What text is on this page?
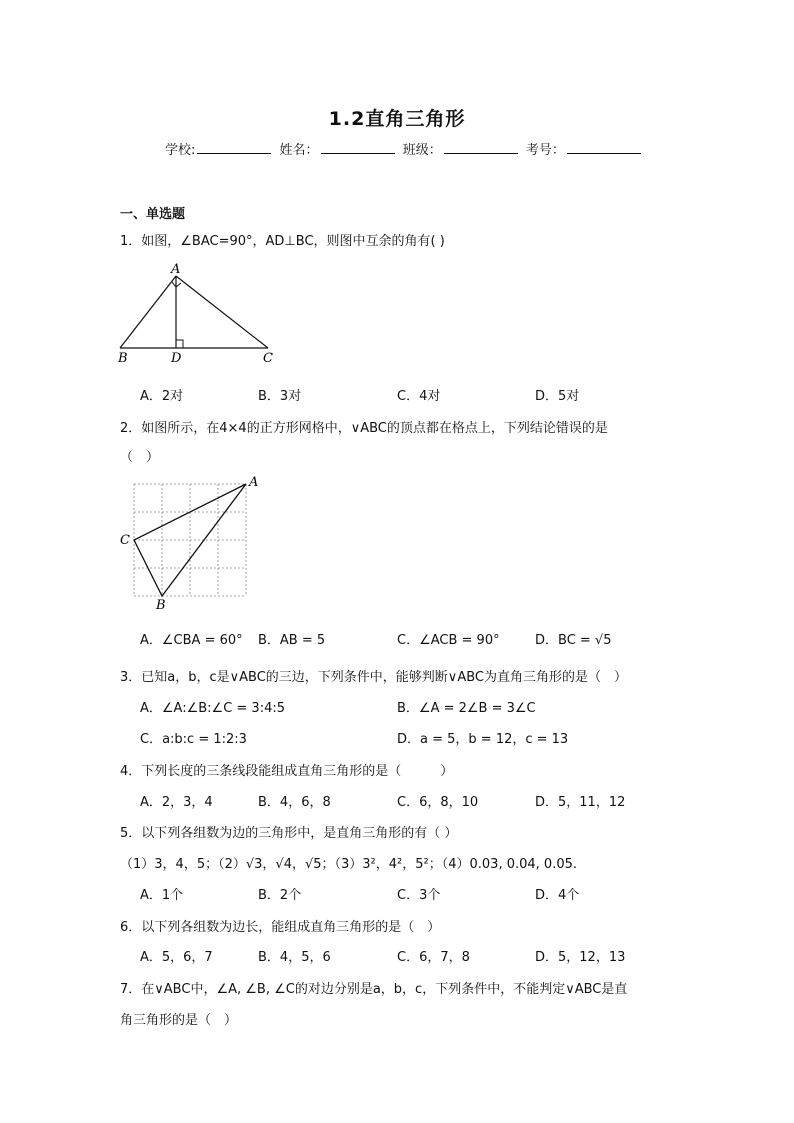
1.2直角三角形
学校:	姓名：	班级：	考号：
一、单选题
1．如图，∠BAC=90°，AD⊥BC，则图中互余的角有( )
A
B	D	C
A．2对	B．3对	C．4对	D．5对
2．如图所示，在4×4的正方形网格中，∨ABC的顶点都在格点上，下列结论错误的是
（　）
A
C
B
A．∠CBA = 60° B．AB = 5	C．∠ACB = 90°	D．BC = √5
3．已知a，b，c是∨ABC的三边，下列条件中，能够判断∨ABC为直角三角形的是（　）
A．∠A:∠B:∠C = 3:4:5	B．∠A = 2∠B = 3∠C
C．a:b:c = 1:2:3	D．a = 5，b = 12，c = 13
4．下列长度的三条线段能组成直角三角形的是（　　　）
A．2，3，4	B．4，6，8	C．6，8，10	D．5，11，12
5．以下列各组数为边的三角形中，是直角三角形的有（ ）
（1）3，4，5；（2）√3，√4，√5；（3）3²，4²，5²；（4）0.03, 0.04, 0.05.
A．1个	B．2个	C．3个	D．4个
6．以下列各组数为边长，能组成直角三角形的是（　）
A．5，6，7	B．4，5，6	C．6，7，8	D．5，12，13
7．在∨ABC中，∠A, ∠B, ∠C的对边分别是a，b，c，下列条件中，不能判定∨ABC是直
角三角形的是（　）
